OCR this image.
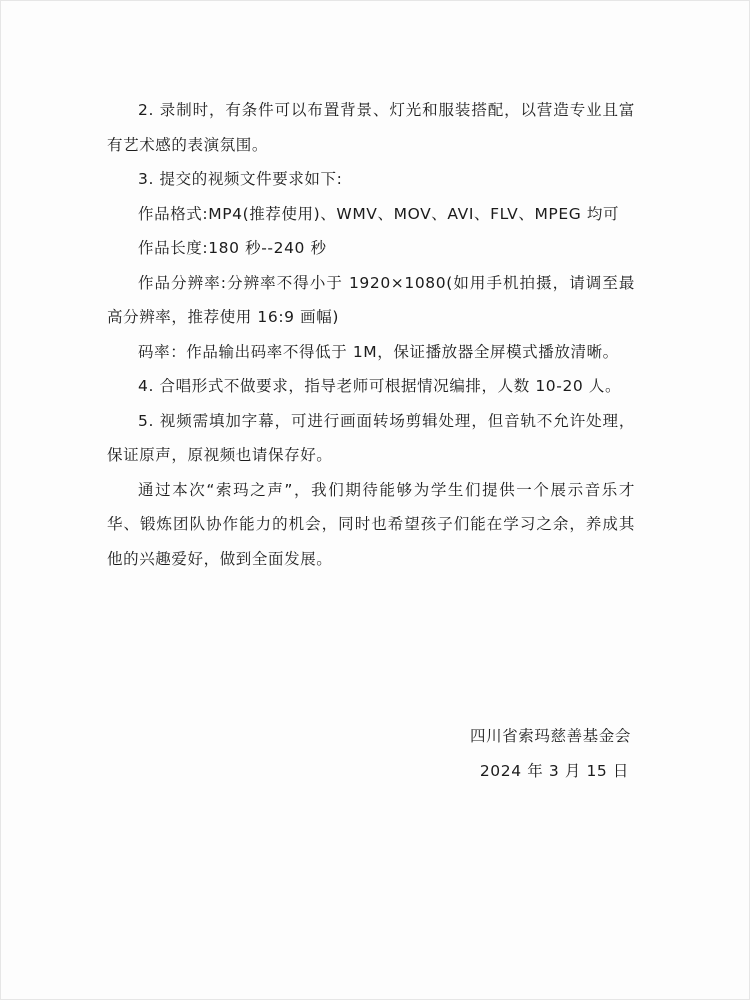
2. 录制时，有条件可以布置背景、灯光和服装搭配，以营造专业且富有艺术感的表演氛围。

3. 提交的视频文件要求如下:

作品格式:MP4(推荐使用)、WMV、MOV、AVI、FLV、MPEG 均可

作品长度:180 秒--240 秒

作品分辨率:分辨率不得小于 1920×1080(如用手机拍摄，请调至最高分辨率，推荐使用 16:9 画幅)

码率：作品输出码率不得低于 1M，保证播放器全屏模式播放清晰。

4. 合唱形式不做要求，指导老师可根据情况编排，人数 10-20 人。

5. 视频需填加字幕，可进行画面转场剪辑处理，但音轨不允许处理，保证原声，原视频也请保存好。

通过本次“索玛之声”，我们期待能够为学生们提供一个展示音乐才华、锻炼团队协作能力的机会，同时也希望孩子们能在学习之余，养成其他的兴趣爱好，做到全面发展。

四川省索玛慈善基金会
2024 年 3 月 15 日
